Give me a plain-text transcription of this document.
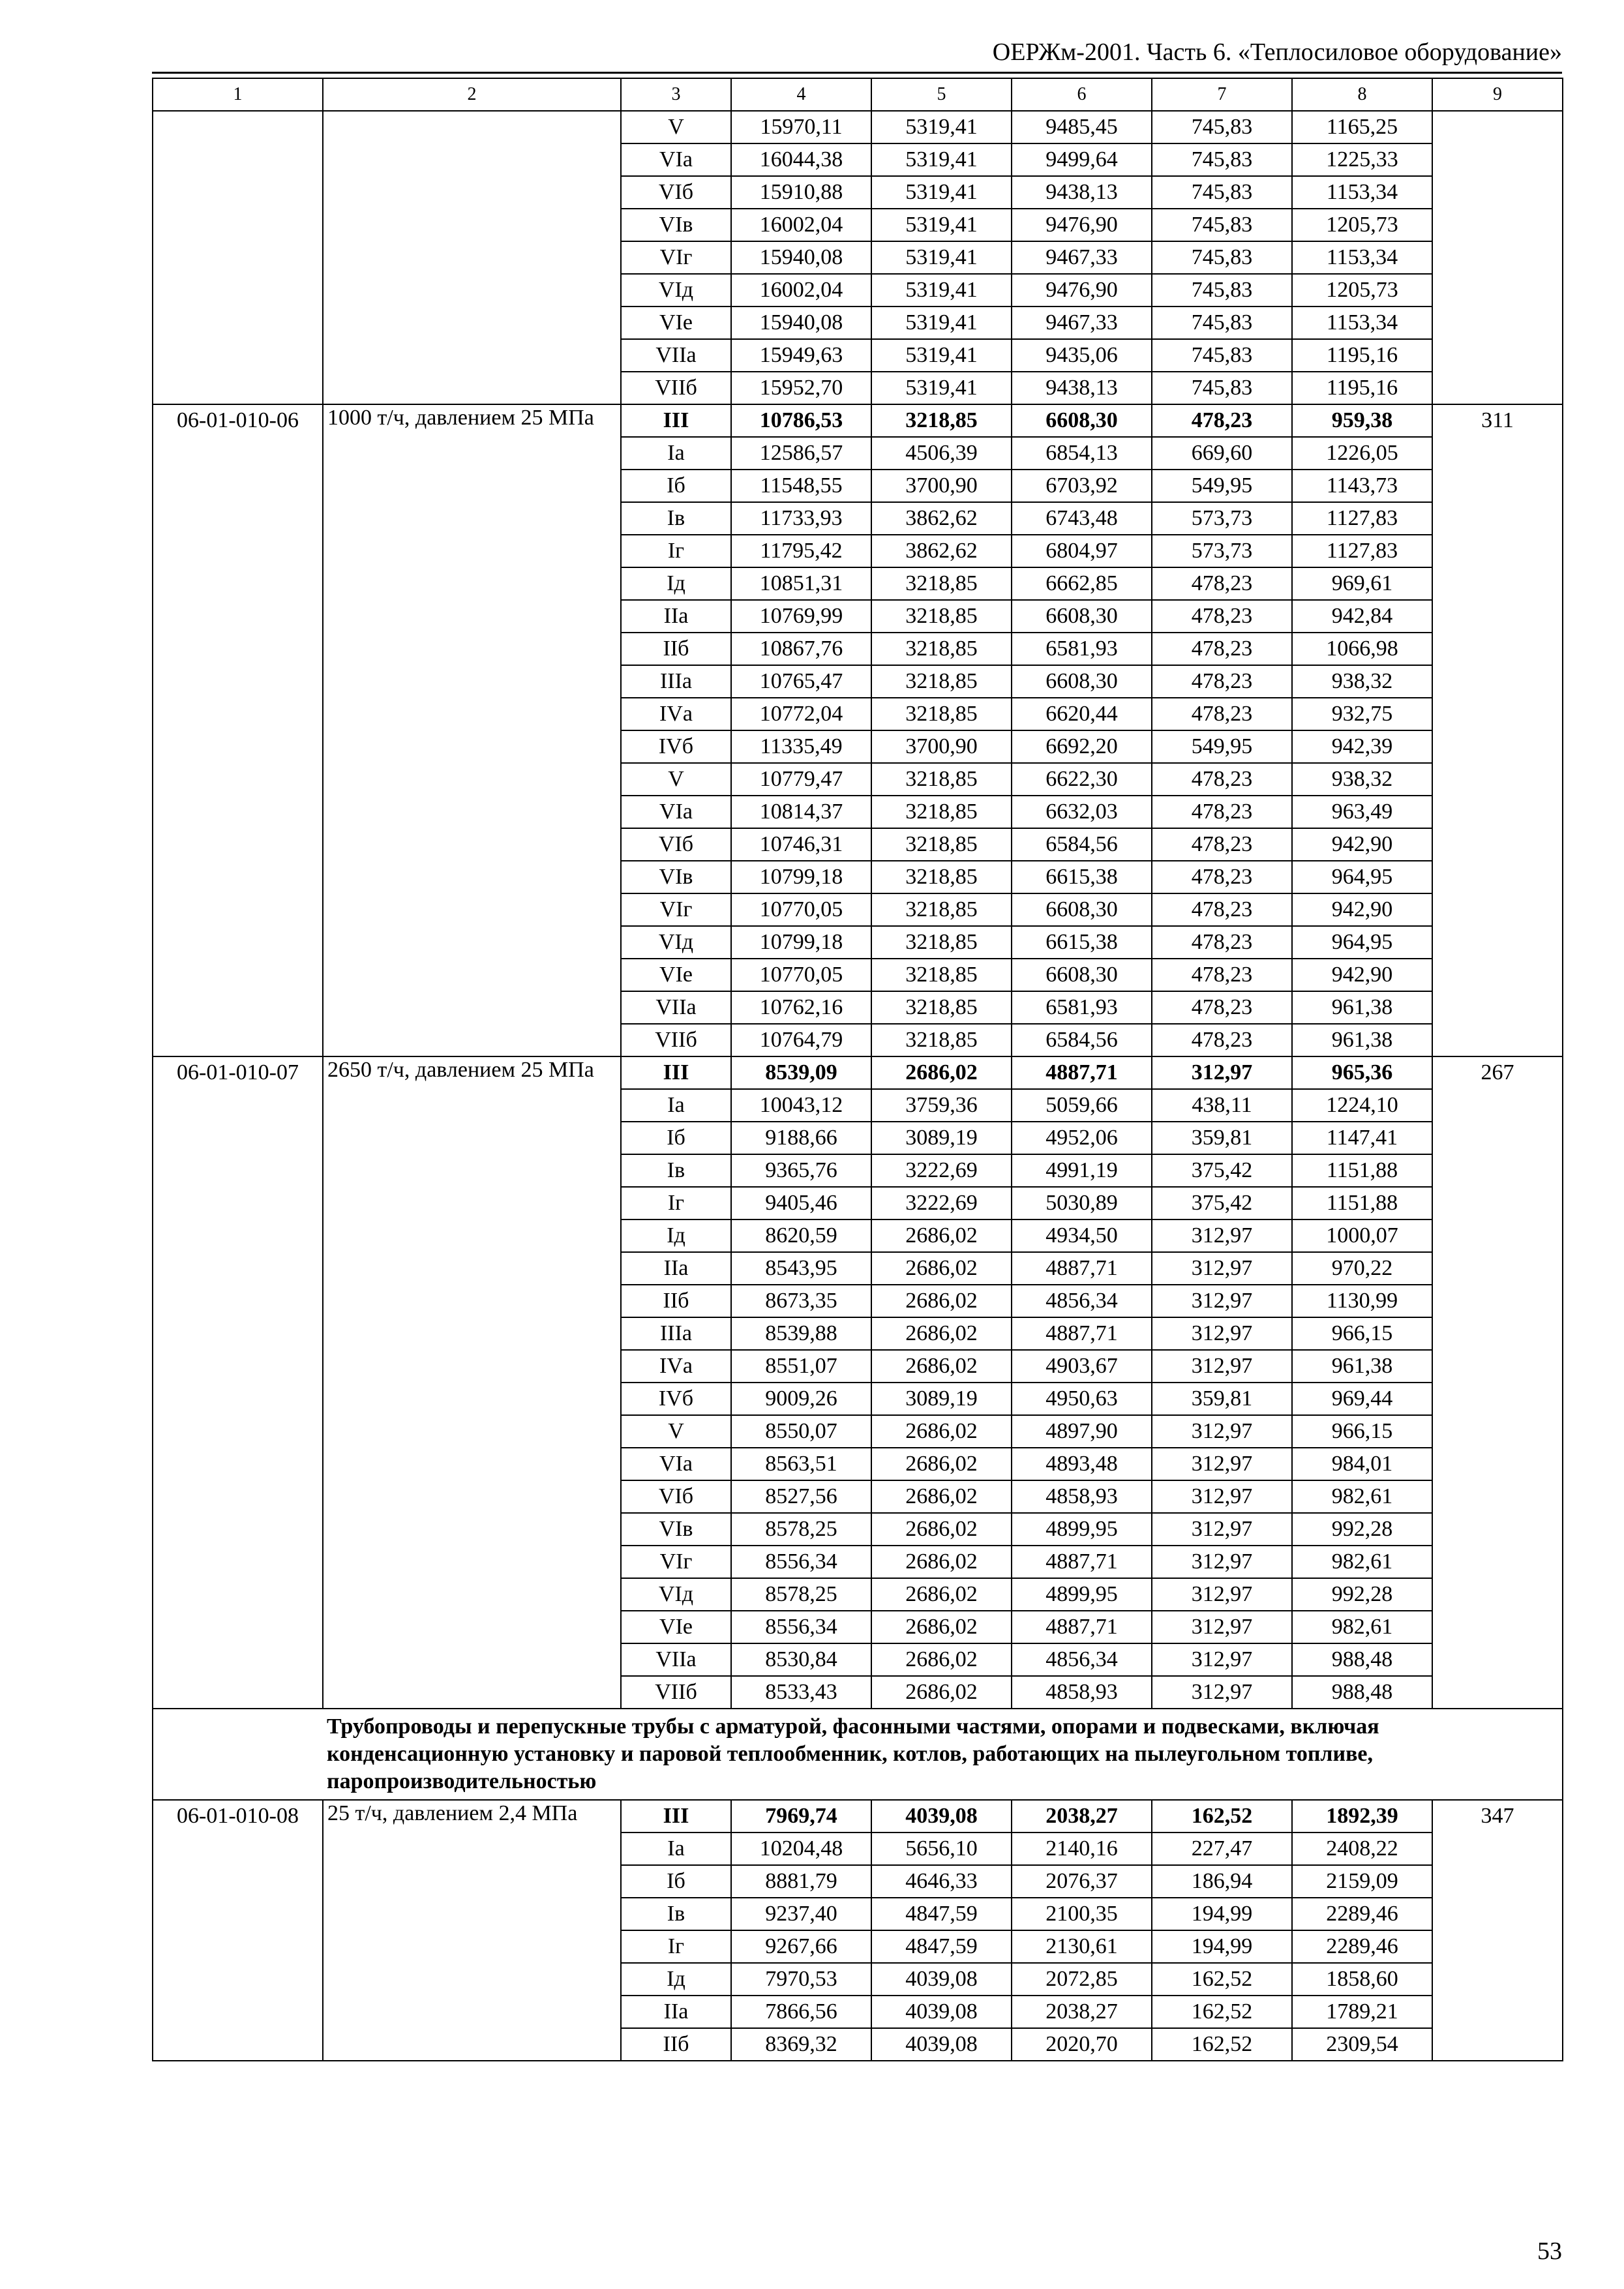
ОЕРЖм-2001. Часть 6. «Теплосиловое оборудование»
1	2	3	4	5	6	7	8	9
		V	15970,11	5319,41	9485,45	745,83	1165,25	
		VIа	16044,38	5319,41	9499,64	745,83	1225,33	
		VIб	15910,88	5319,41	9438,13	745,83	1153,34	
		VIв	16002,04	5319,41	9476,90	745,83	1205,73	
		VIг	15940,08	5319,41	9467,33	745,83	1153,34	
		VIд	16002,04	5319,41	9476,90	745,83	1205,73	
		VIе	15940,08	5319,41	9467,33	745,83	1153,34	
		VIIа	15949,63	5319,41	9435,06	745,83	1195,16	
		VIIб	15952,70	5319,41	9438,13	745,83	1195,16	
06-01-010-06	1000 т/ч, давлением 25 МПа	III	10786,53	3218,85	6608,30	478,23	959,38	311
		Iа	12586,57	4506,39	6854,13	669,60	1226,05	
		Iб	11548,55	3700,90	6703,92	549,95	1143,73	
		Iв	11733,93	3862,62	6743,48	573,73	1127,83	
		Iг	11795,42	3862,62	6804,97	573,73	1127,83	
		Iд	10851,31	3218,85	6662,85	478,23	969,61	
		IIа	10769,99	3218,85	6608,30	478,23	942,84	
		IIб	10867,76	3218,85	6581,93	478,23	1066,98	
		IIIа	10765,47	3218,85	6608,30	478,23	938,32	
		IVа	10772,04	3218,85	6620,44	478,23	932,75	
		IVб	11335,49	3700,90	6692,20	549,95	942,39	
		V	10779,47	3218,85	6622,30	478,23	938,32	
		VIа	10814,37	3218,85	6632,03	478,23	963,49	
		VIб	10746,31	3218,85	6584,56	478,23	942,90	
		VIв	10799,18	3218,85	6615,38	478,23	964,95	
		VIг	10770,05	3218,85	6608,30	478,23	942,90	
		VIд	10799,18	3218,85	6615,38	478,23	964,95	
		VIе	10770,05	3218,85	6608,30	478,23	942,90	
		VIIа	10762,16	3218,85	6581,93	478,23	961,38	
		VIIб	10764,79	3218,85	6584,56	478,23	961,38	
06-01-010-07	2650 т/ч, давлением 25 МПа	III	8539,09	2686,02	4887,71	312,97	965,36	267
		Iа	10043,12	3759,36	5059,66	438,11	1224,10	
		Iб	9188,66	3089,19	4952,06	359,81	1147,41	
		Iв	9365,76	3222,69	4991,19	375,42	1151,88	
		Iг	9405,46	3222,69	5030,89	375,42	1151,88	
		Iд	8620,59	2686,02	4934,50	312,97	1000,07	
		IIа	8543,95	2686,02	4887,71	312,97	970,22	
		IIб	8673,35	2686,02	4856,34	312,97	1130,99	
		IIIа	8539,88	2686,02	4887,71	312,97	966,15	
		IVа	8551,07	2686,02	4903,67	312,97	961,38	
		IVб	9009,26	3089,19	4950,63	359,81	969,44	
		V	8550,07	2686,02	4897,90	312,97	966,15	
		VIа	8563,51	2686,02	4893,48	312,97	984,01	
		VIб	8527,56	2686,02	4858,93	312,97	982,61	
		VIв	8578,25	2686,02	4899,95	312,97	992,28	
		VIг	8556,34	2686,02	4887,71	312,97	982,61	
		VIд	8578,25	2686,02	4899,95	312,97	992,28	
		VIе	8556,34	2686,02	4887,71	312,97	982,61	
		VIIа	8530,84	2686,02	4856,34	312,97	988,48	
		VIIб	8533,43	2686,02	4858,93	312,97	988,48	
	Трубопроводы и перепускные трубы с арматурой, фасонными частями, опорами и подвесками, включая конденсационную установку и паровой теплообменник, котлов, работающих на пылеугольном топливе, паропроизводительностью							
06-01-010-08	25 т/ч, давлением 2,4 МПа	III	7969,74	4039,08	2038,27	162,52	1892,39	347
		Iа	10204,48	5656,10	2140,16	227,47	2408,22	
		Iб	8881,79	4646,33	2076,37	186,94	2159,09	
		Iв	9237,40	4847,59	2100,35	194,99	2289,46	
		Iг	9267,66	4847,59	2130,61	194,99	2289,46	
		Iд	7970,53	4039,08	2072,85	162,52	1858,60	
		IIа	7866,56	4039,08	2038,27	162,52	1789,21	
		IIб	8369,32	4039,08	2020,70	162,52	2309,54	
53
